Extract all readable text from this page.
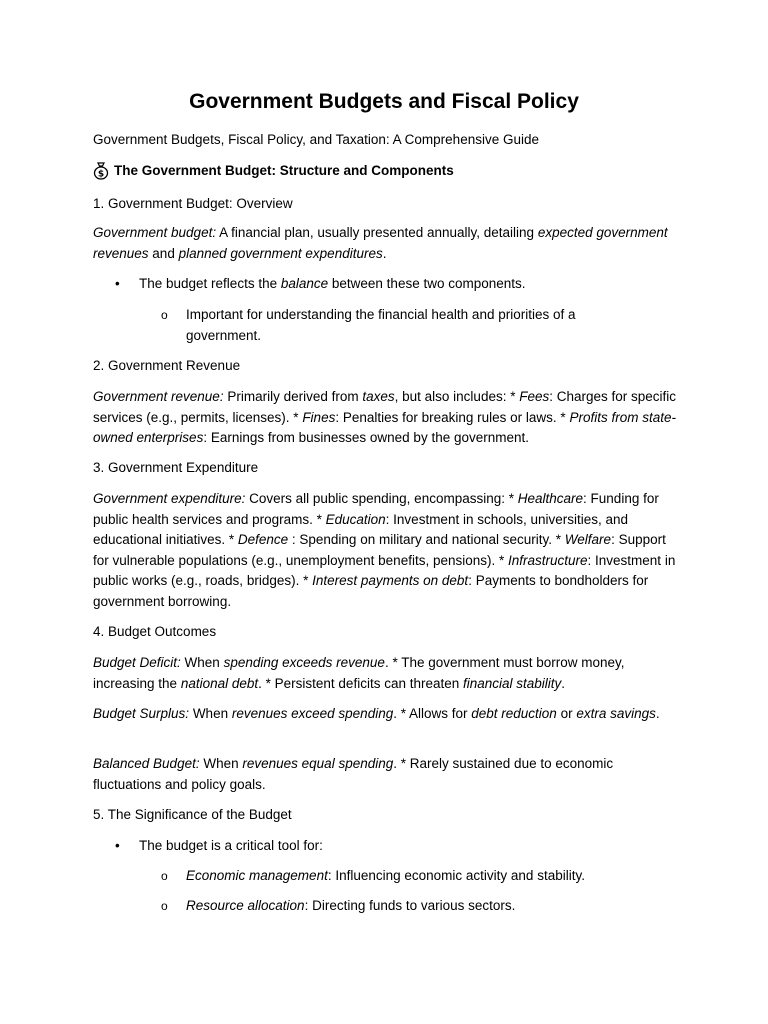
Government Budgets and Fiscal Policy

Government Budgets, Fiscal Policy, and Taxation: A Comprehensive Guide

$ The Government Budget: Structure and Components

1. Government Budget: Overview

Government budget: A financial plan, usually presented annually, detailing expected government revenues and planned government expenditures.

• The budget reflects the balance between these two components.

o Important for understanding the financial health and priorities of a government.

2. Government Revenue

Government revenue: Primarily derived from taxes, but also includes: * Fees: Charges for specific services (e.g., permits, licenses). * Fines: Penalties for breaking rules or laws. * Profits from state-owned enterprises: Earnings from businesses owned by the government.

3. Government Expenditure

Government expenditure: Covers all public spending, encompassing: * Healthcare: Funding for public health services and programs. * Education: Investment in schools, universities, and educational initiatives. * Defence : Spending on military and national security. * Welfare: Support for vulnerable populations (e.g., unemployment benefits, pensions). * Infrastructure: Investment in public works (e.g., roads, bridges). * Interest payments on debt: Payments to bondholders for government borrowing.

4. Budget Outcomes

Budget Deficit: When spending exceeds revenue. * The government must borrow money, increasing the national debt. * Persistent deficits can threaten financial stability.

Budget Surplus: When revenues exceed spending. * Allows for debt reduction or extra savings.

Balanced Budget: When revenues equal spending. * Rarely sustained due to economic fluctuations and policy goals.

5. The Significance of the Budget

• The budget is a critical tool for:

o Economic management: Influencing economic activity and stability.

o Resource allocation: Directing funds to various sectors.
